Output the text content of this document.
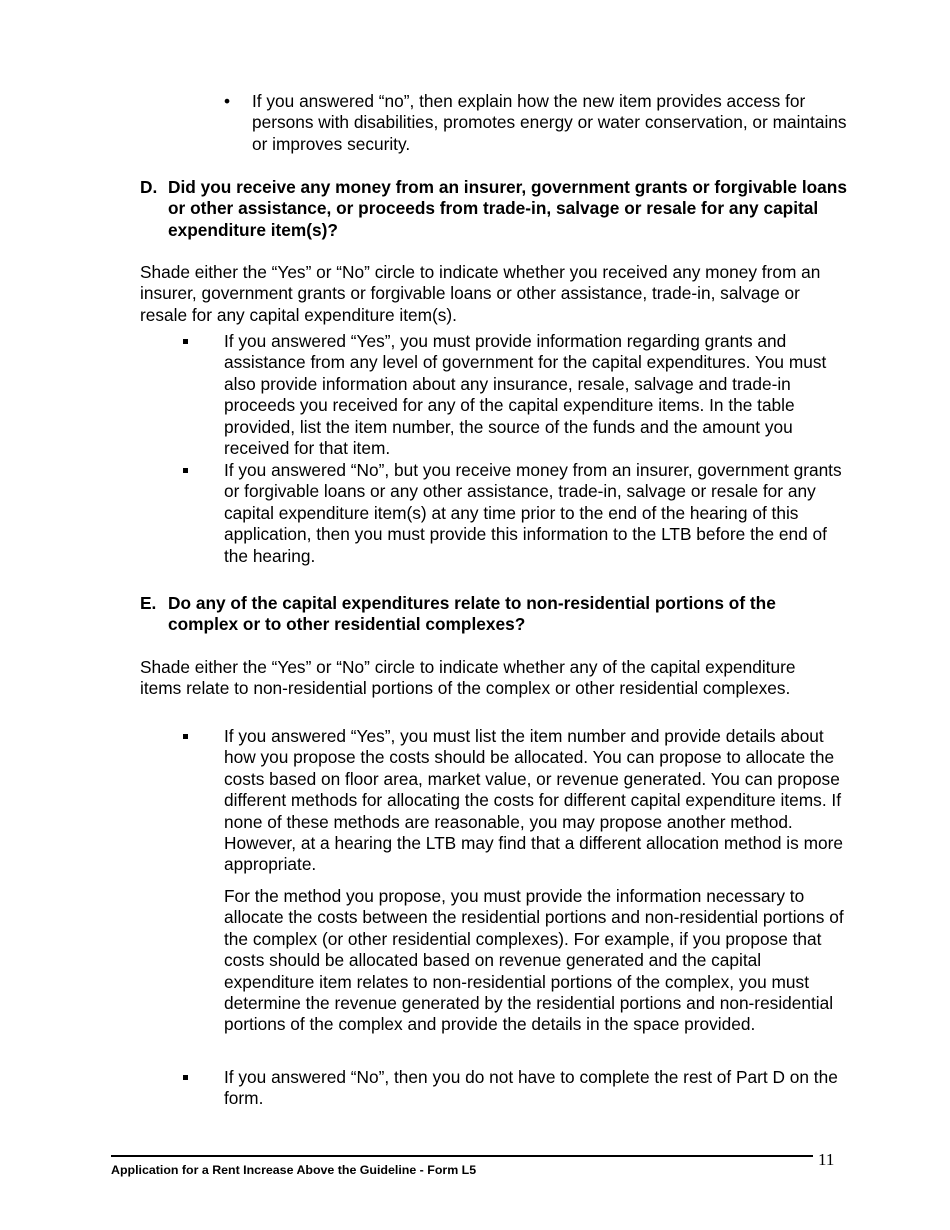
• If you answered “no”, then explain how the new item provides access for persons with disabilities, promotes energy or water conservation, or maintains or improves security.

D. Did you receive any money from an insurer, government grants or forgivable loans or other assistance, or proceeds from trade-in, salvage or resale for any capital expenditure item(s)?

Shade either the “Yes” or “No” circle to indicate whether you received any money from an insurer, government grants or forgivable loans or other assistance, trade-in, salvage or resale for any capital expenditure item(s).

If you answered “Yes”, you must provide information regarding grants and assistance from any level of government for the capital expenditures. You must also provide information about any insurance, resale, salvage and trade-in proceeds you received for any of the capital expenditure items. In the table provided, list the item number, the source of the funds and the amount you received for that item.

If you answered “No”, but you receive money from an insurer, government grants or forgivable loans or any other assistance, trade-in, salvage or resale for any capital expenditure item(s) at any time prior to the end of the hearing of this application, then you must provide this information to the LTB before the end of the hearing.

E. Do any of the capital expenditures relate to non-residential portions of the complex or to other residential complexes?

Shade either the “Yes” or “No” circle to indicate whether any of the capital expenditure items relate to non-residential portions of the complex or other residential complexes.

If you answered “Yes”, you must list the item number and provide details about how you propose the costs should be allocated. You can propose to allocate the costs based on floor area, market value, or revenue generated. You can propose different methods for allocating the costs for different capital expenditure items. If none of these methods are reasonable, you may propose another method. However, at a hearing the LTB may find that a different allocation method is more appropriate.

For the method you propose, you must provide the information necessary to allocate the costs between the residential portions and non-residential portions of the complex (or other residential complexes). For example, if you propose that costs should be allocated based on revenue generated and the capital expenditure item relates to non-residential portions of the complex, you must determine the revenue generated by the residential portions and non-residential portions of the complex and provide the details in the space provided.

If you answered “No”, then you do not have to complete the rest of Part D on the form.

11
Application for a Rent Increase Above the Guideline - Form L5
